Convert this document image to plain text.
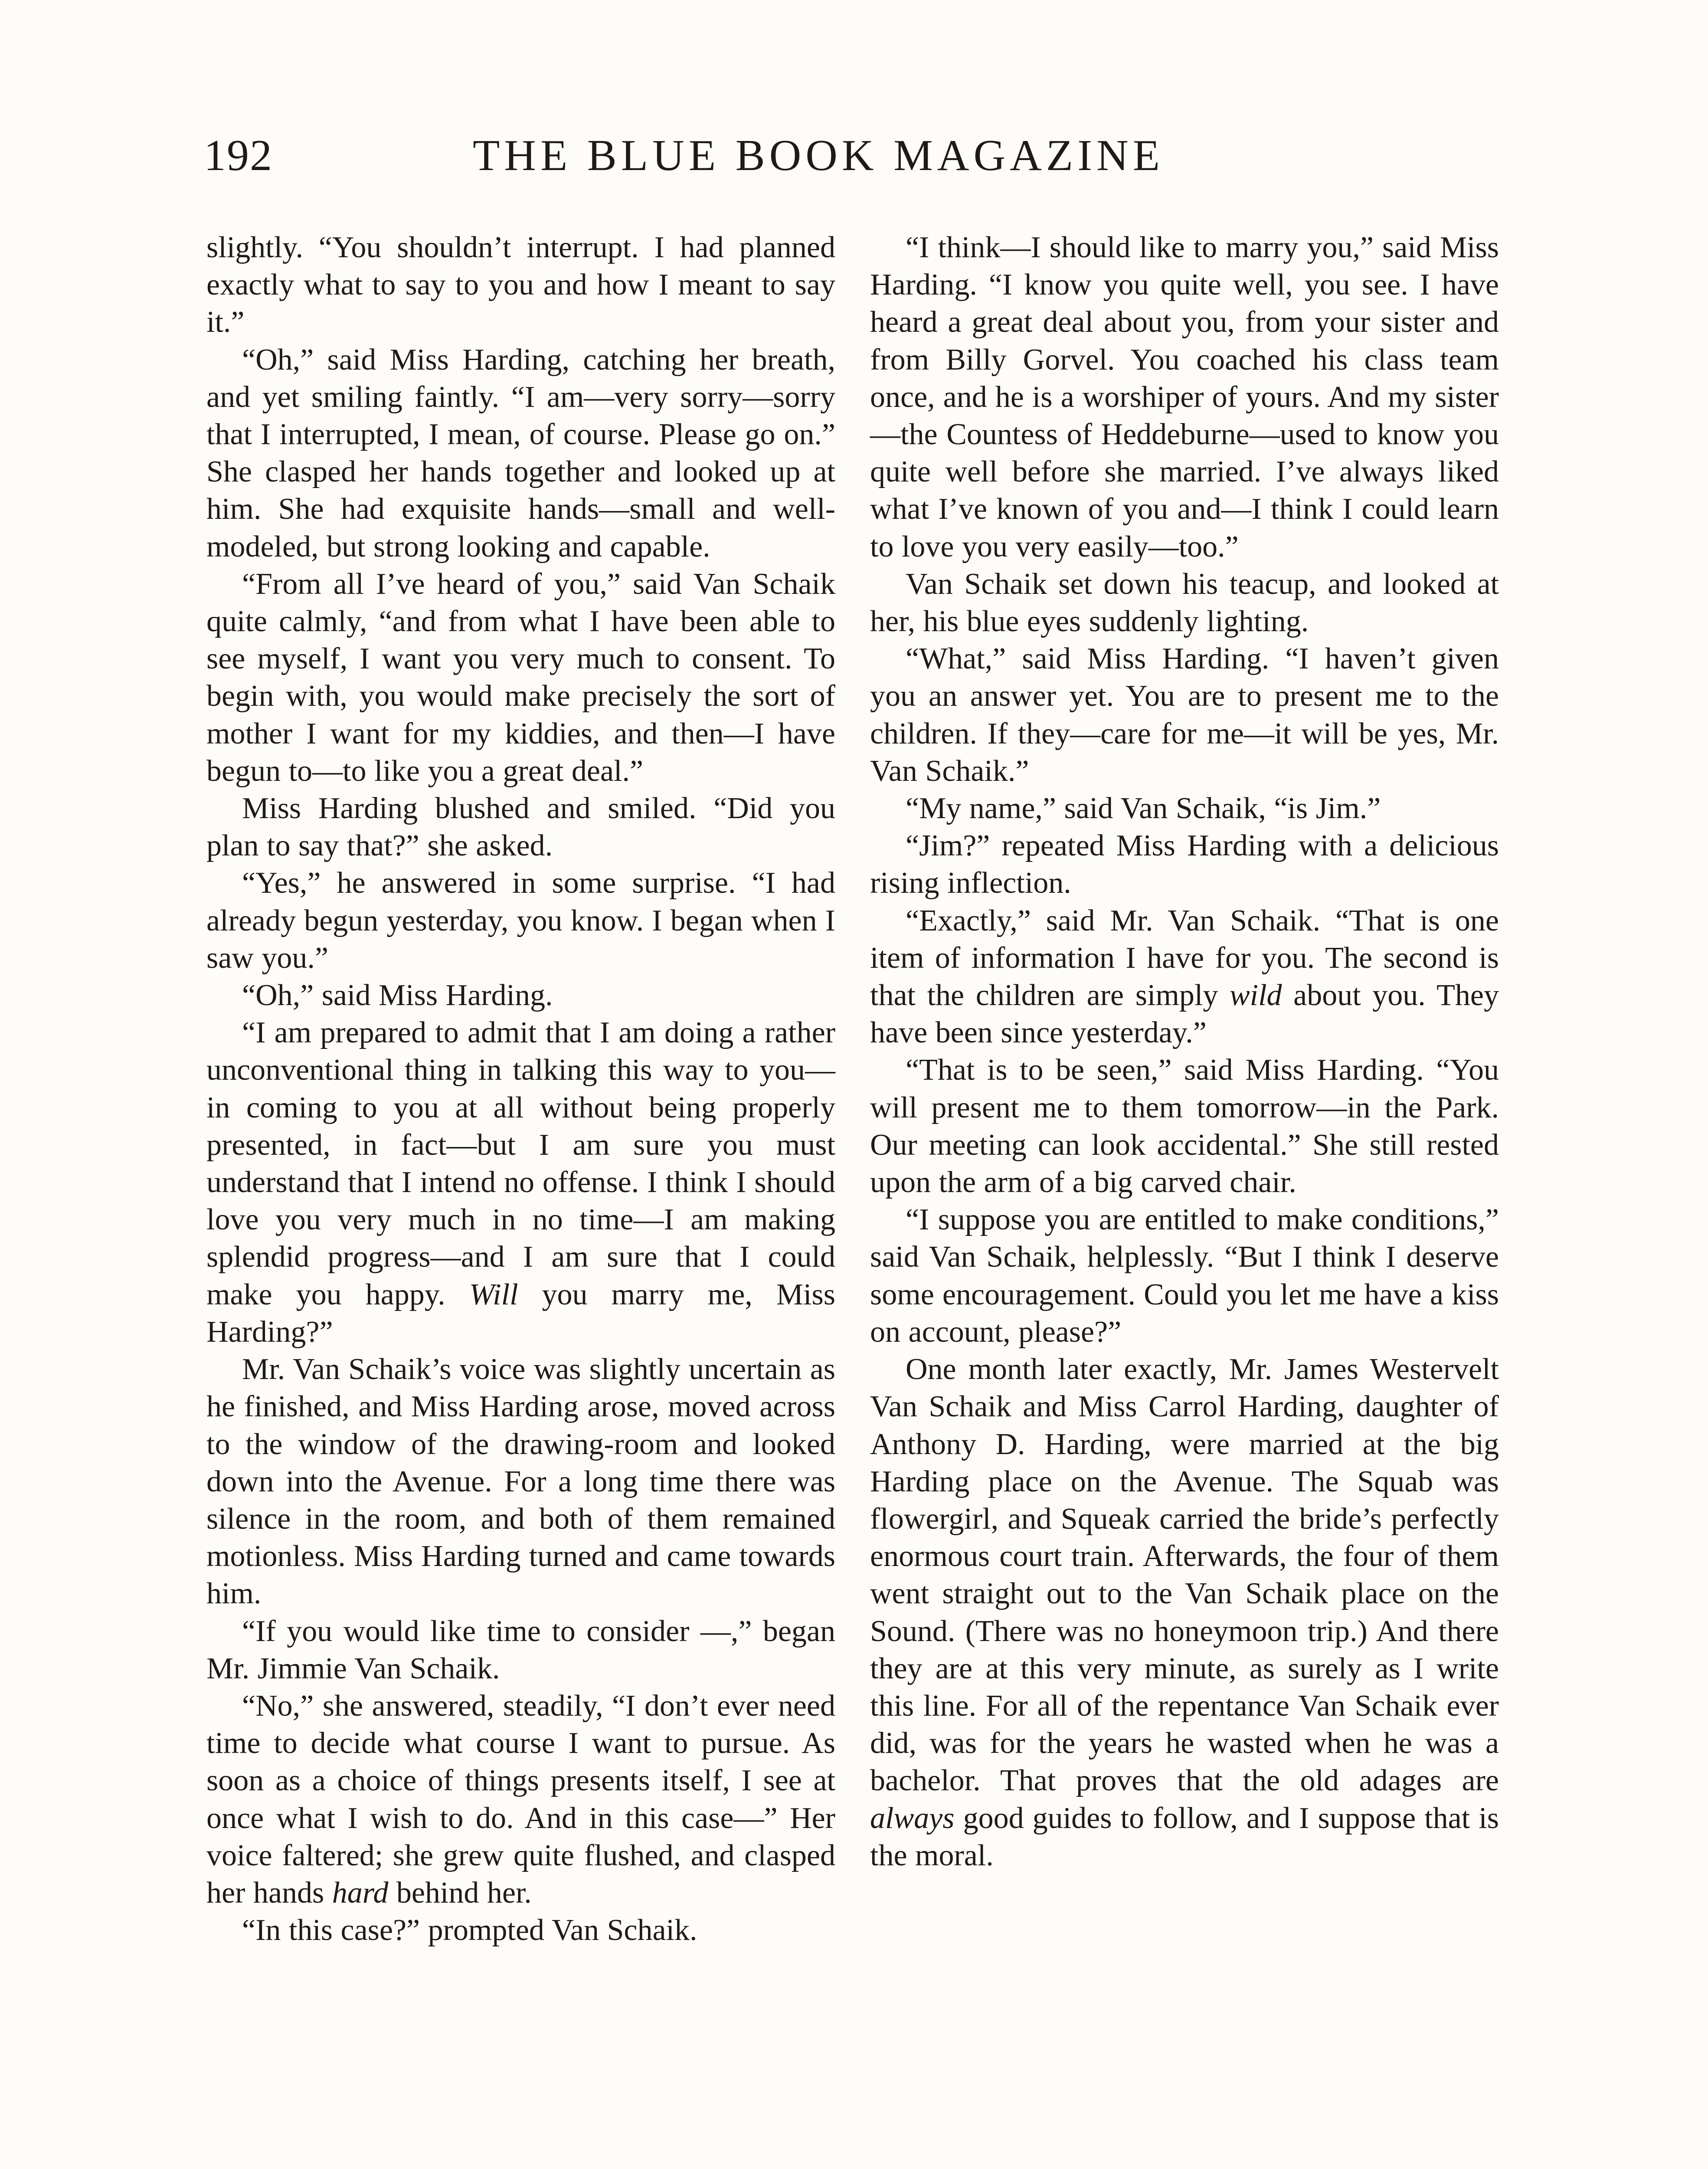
192	THE BLUE BOOK MAGAZINE

slightly. “You shouldn’t interrupt. I had planned exactly what to say to you and how I meant to say it.”

“Oh,” said Miss Harding, catching her breath, and yet smiling faintly. “I am—very sorry—sorry that I interrupted, I mean, of course. Please go on.” She clasped her hands together and looked up at him. She had exquisite hands—small and well-modeled, but strong looking and capable.

“From all I’ve heard of you,” said Van Schaik quite calmly, “and from what I have been able to see myself, I want you very much to consent. To begin with, you would make precisely the sort of mother I want for my kiddies, and then—I have begun to—to like you a great deal.”

Miss Harding blushed and smiled. “Did you plan to say that?” she asked.

“Yes,” he answered in some surprise. “I had already begun yesterday, you know. I began when I saw you.”

“Oh,” said Miss Harding.

“I am prepared to admit that I am doing a rather unconventional thing in talking this way to you—in coming to you at all without being properly presented, in fact—but I am sure you must understand that I intend no offense. I think I should love you very much in no time—I am making splendid progress—and I am sure that I could make you happy. Will you marry me, Miss Harding?”

Mr. Van Schaik’s voice was slightly uncertain as he finished, and Miss Harding arose, moved across to the window of the drawing-room and looked down into the Avenue. For a long time there was silence in the room, and both of them remained motionless. Miss Harding turned and came towards him.

“If you would like time to consider —,” began Mr. Jimmie Van Schaik.

“No,” she answered, steadily, “I don’t ever need time to decide what course I want to pursue. As soon as a choice of things presents itself, I see at once what I wish to do. And in this case—” Her voice faltered; she grew quite flushed, and clasped her hands hard behind her.

“In this case?” prompted Van Schaik.

“I think—I should like to marry you,” said Miss Harding. “I know you quite well, you see. I have heard a great deal about you, from your sister and from Billy Gorvel. You coached his class team once, and he is a worshiper of yours. And my sister—the Countess of Heddeburne—used to know you quite well before she married. I’ve always liked what I’ve known of you and—I think I could learn to love you very easily—too.”

Van Schaik set down his teacup, and looked at her, his blue eyes suddenly lighting.

“What,” said Miss Harding. “I haven’t given you an answer yet. You are to present me to the children. If they—care for me—it will be yes, Mr. Van Schaik.”

“My name,” said Van Schaik, “is Jim.”

“Jim?” repeated Miss Harding with a delicious rising inflection.

“Exactly,” said Mr. Van Schaik. “That is one item of information I have for you. The second is that the children are simply wild about you. They have been since yesterday.”

“That is to be seen,” said Miss Harding. “You will present me to them tomorrow—in the Park. Our meeting can look accidental.” She still rested upon the arm of a big carved chair.

“I suppose you are entitled to make conditions,” said Van Schaik, helplessly. “But I think I deserve some encouragement. Could you let me have a kiss on account, please?”

One month later exactly, Mr. James Westervelt Van Schaik and Miss Carrol Harding, daughter of Anthony D. Harding, were married at the big Harding place on the Avenue. The Squab was flowergirl, and Squeak carried the bride’s perfectly enormous court train. Afterwards, the four of them went straight out to the Van Schaik place on the Sound. (There was no honeymoon trip.) And there they are at this very minute, as surely as I write this line. For all of the repentance Van Schaik ever did, was for the years he wasted when he was a bachelor. That proves that the old adages are always good guides to follow, and I suppose that is the moral.
